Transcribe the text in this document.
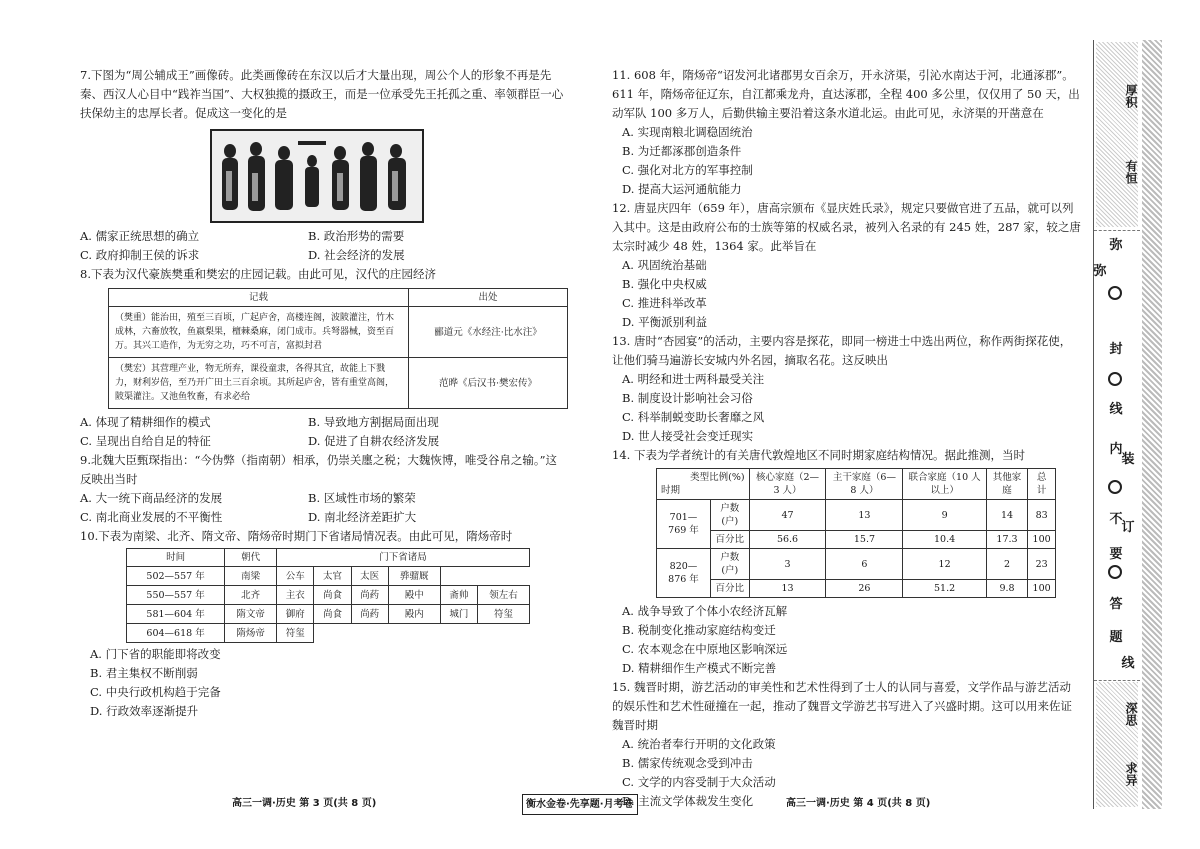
7.下图为“周公辅成王”画像砖。此类画像砖在东汉以后才大量出现，周公个人的形象不再是先秦、西汉人心目中“践祚当国”、大权独揽的摄政王，而是一位承受先王托孤之重、率领群臣一心扶保幼主的忠厚长者。促成这一变化的是

A. 儒家正统思想的确立	B. 政治形势的需要
C. 政府抑制王侯的诉求	D. 社会经济的发展

8.下表为汉代豪族樊重和樊宏的庄园记载。由此可见，汉代的庄园经济

记载	出处
（樊重）能治田，殖至三百顷，广起庐舍，高楼连阁，波陂灌注，竹木成林，六畜放牧，鱼嬴梨果，檀棘桑麻，闭门成市。兵弩器械，资至百万。其兴工造作，为无穷之功，巧不可言，富拟封君	郦道元《水经注·比水注》
（樊宏）其营理产业，物无所弃，课役童隶，各得其宜，故能上下戮力，财利岁倍，至乃开广田土三百余顷。其所起庐舍，皆有重堂高阁，陂渠灌注。又池鱼牧畜，有求必给	范晔《后汉书·樊宏传》
A. 体现了精耕细作的模式	B. 导致地方割据局面出现
C. 呈现出自给自足的特征	D. 促进了自耕农经济发展

9.北魏大臣甄琛指出：“今伪弊（指南朝）相承，仍崇关廛之税；大魏恢博，唯受谷帛之输。”这反映出当时

A. 大一统下商品经济的发展	B. 区域性市场的繁荣
C. 南北商业发展的不平衡性	D. 南北经济差距扩大

10.下表为南梁、北齐、隋文帝、隋炀帝时期门下省诸局情况表。由此可见，隋炀帝时

时间	朝代	门下省诸局					
502—557 年	南梁	公车	太官	太医	骅骝厩		
550—557 年	北齐	主衣	尚食	尚药	殿中	斋帅	领左右
581—604 年	隋文帝	御府	尚食	尚药	殿内	城门	符玺
604—618 年	隋炀帝	符玺					
A. 门下省的职能即将改变
B. 君主集权不断削弱
C. 中央行政机构趋于完备
D. 行政效率逐渐提升

11. 608 年，隋炀帝“诏发河北诸郡男女百余万，开永济渠，引沁水南达于河，北通涿郡”。611 年，隋炀帝征辽东，自江都乘龙舟，直达涿郡，全程 400 多公里，仅仅用了 50 天，出动军队 100 多万人，后勤供输主要沿着这条水道北运。由此可见，永济渠的开凿意在

A. 实现南粮北调稳固统治
B. 为迁都涿郡创造条件
C. 强化对北方的军事控制
D. 提高大运河通航能力

12. 唐显庆四年（659 年），唐高宗颁布《显庆姓氏录》，规定只要做官进了五品，就可以列入其中。这是由政府公布的士族等第的权威名录，被列入名录的有 245 姓，287 家，较之唐太宗时减少 48 姓，1364 家。此举旨在

A. 巩固统治基础
B. 强化中央权威
C. 推进科举改革
D. 平衡派别利益

13. 唐时“杏园宴”的活动，主要内容是探花，即同一榜进士中选出两位，称作两街探花使，让他们骑马遍游长安城内外名园，摘取名花。这反映出

A. 明经和进士两科最受关注
B. 制度设计影响社会习俗
C. 科举制蜕变助长奢靡之风
D. 世人接受社会变迁现实

14. 下表为学者统计的有关唐代敦煌地区不同时期家庭结构情况。据此推测，当时

类型比例(%)
时期		核心家庭（2—3 人）	主干家庭（6—8 人）	联合家庭（10 人以上）	其他家庭	总计
701—769 年	户数(户)	47	13	9	14	83
	百分比	56.6	15.7	10.4	17.3	100
820—876 年	户数(户)	3	6	12	2	23
	百分比	13	26	51.2	9.8	100
A. 战争导致了个体小农经济瓦解
B. 税制变化推动家庭结构变迁
C. 农本观念在中原地区影响深远
D. 精耕细作生产模式不断完善

15. 魏晋时期，游艺活动的审美性和艺术性得到了士人的认同与喜爱，文学作品与游艺活动的娱乐性和艺术性碰撞在一起，推动了魏晋文学游艺书写进入了兴盛时期。这可以用来佐证魏晋时期

A. 统治者奉行开明的文化政策
B. 儒家传统观念受到冲击
C. 文学的内容受制于大众活动
D. 主流文学体裁发生变化
高三一调·历史 第 3 页(共 8 页)	衡水金卷·先享题·月考卷	高三一调·历史 第 4 页(共 8 页)
厚积
有恒
弥
弥
封
线
内
不
要
答
题
装
订
线
深思
求异
